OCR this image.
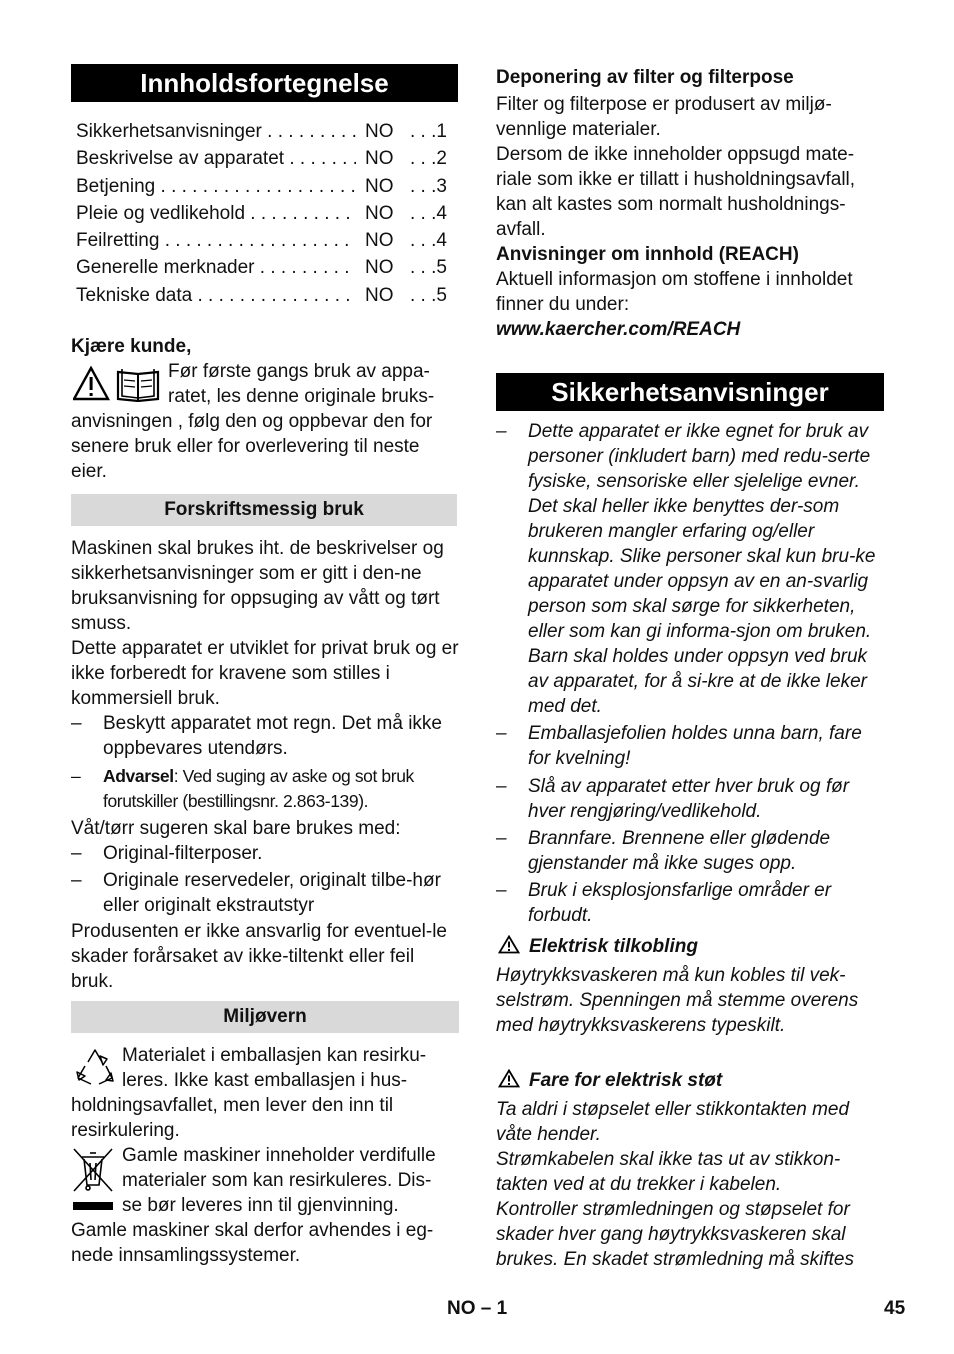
Innholdsfortegnelse
Sikkerhetsanvisninger . . .	NO . . .1
Beskrivelse av apparatet . . .	NO . . .2
Betjening . . .	NO . . .3
Pleie og vedlikehold . . .	NO . . .4
Feilretting . . .	NO . . .4
Generelle merknader . . .	NO . . .5
Tekniske data . . .	NO . . .5
Kjære kunde,
Før første gangs bruk av appa-
ratet, les denne originale bruks-
anvisningen , følg den og oppbevar den for senere bruk eller for overlevering til neste eier.
Forskriftsmessig bruk
Maskinen skal brukes iht. de beskrivelser og sikkerhetsanvisninger som er gitt i den-ne bruksanvisning for oppsuging av vått og tørt smuss.
Dette apparatet er utviklet for privat bruk og er ikke forberedt for kravene som stilles i kommersiell bruk.
– Beskytt apparatet mot regn. Det må ikke oppbevares utendørs.
– Advarsel: Ved suging av aske og sot bruk forutskiller (bestillingsnr. 2.863-139).
Våt/tørr sugeren skal bare brukes med:
– Original-filterposer.
– Originale reservedeler, originalt tilbe-hør eller originalt ekstrautstyr
Produsenten er ikke ansvarlig for eventuel-le skader forårsaket av ikke-tiltenkt eller feil bruk.
Miljøvern
Materialet i emballasjen kan resirku-
leres. Ikke kast emballasjen i hus-
holdningsavfallet, men lever den inn til resirkulering.
Gamle maskiner inneholder verdifulle
materialer som kan resirkuleres. Dis-
se bør leveres inn til gjenvinning.
Gamle maskiner skal derfor avhendes i eg-nede innsamlingssystemer.
Deponering av filter og filterpose
Filter og filterpose er produsert av miljø-vennlige materialer.
Dersom de ikke inneholder oppsugd mate-riale som ikke er tillatt i husholdningsavfall, kan alt kastes som normalt husholdnings-avfall.
Anvisninger om innhold (REACH)
Aktuell informasjon om stoffene i innholdet finner du under:
www.kaercher.com/REACH
Sikkerhetsanvisninger
– Dette apparatet er ikke egnet for bruk av personer (inkludert barn) med redu-serte fysiske, sensoriske eller sjelelige evner. Det skal heller ikke benyttes der-som brukeren mangler erfaring og/eller kunnskap. Slike personer skal kun bru-ke apparatet under oppsyn av en an-svarlig person som skal sørge for sikkerheten, eller som kan gi informa-sjon om bruken. Barn skal holdes under oppsyn ved bruk av apparatet, for å si-kre at de ikke leker med det.
– Emballasjefolien holdes unna barn, fare for kvelning!
– Slå av apparatet etter hver bruk og før hver rengjøring/vedlikehold.
– Brannfare. Brennene eller glødende gjenstander må ikke suges opp.
– Bruk i eksplosjonsfarlige områder er forbudt.
Elektrisk tilkobling
Høytrykksvaskeren må kun kobles til vek-selstrøm. Spenningen må stemme overens med høytrykksvaskerens typeskilt.
Fare for elektrisk støt
Ta aldri i støpselet eller stikkontakten med våte hender.
Strømkabelen skal ikke tas ut av stikkon-takten ved at du trekker i kabelen.
Kontroller strømledningen og støpselet for skader hver gang høytrykksvaskeren skal brukes. En skadet strømledning må skiftes
NO – 1	45
